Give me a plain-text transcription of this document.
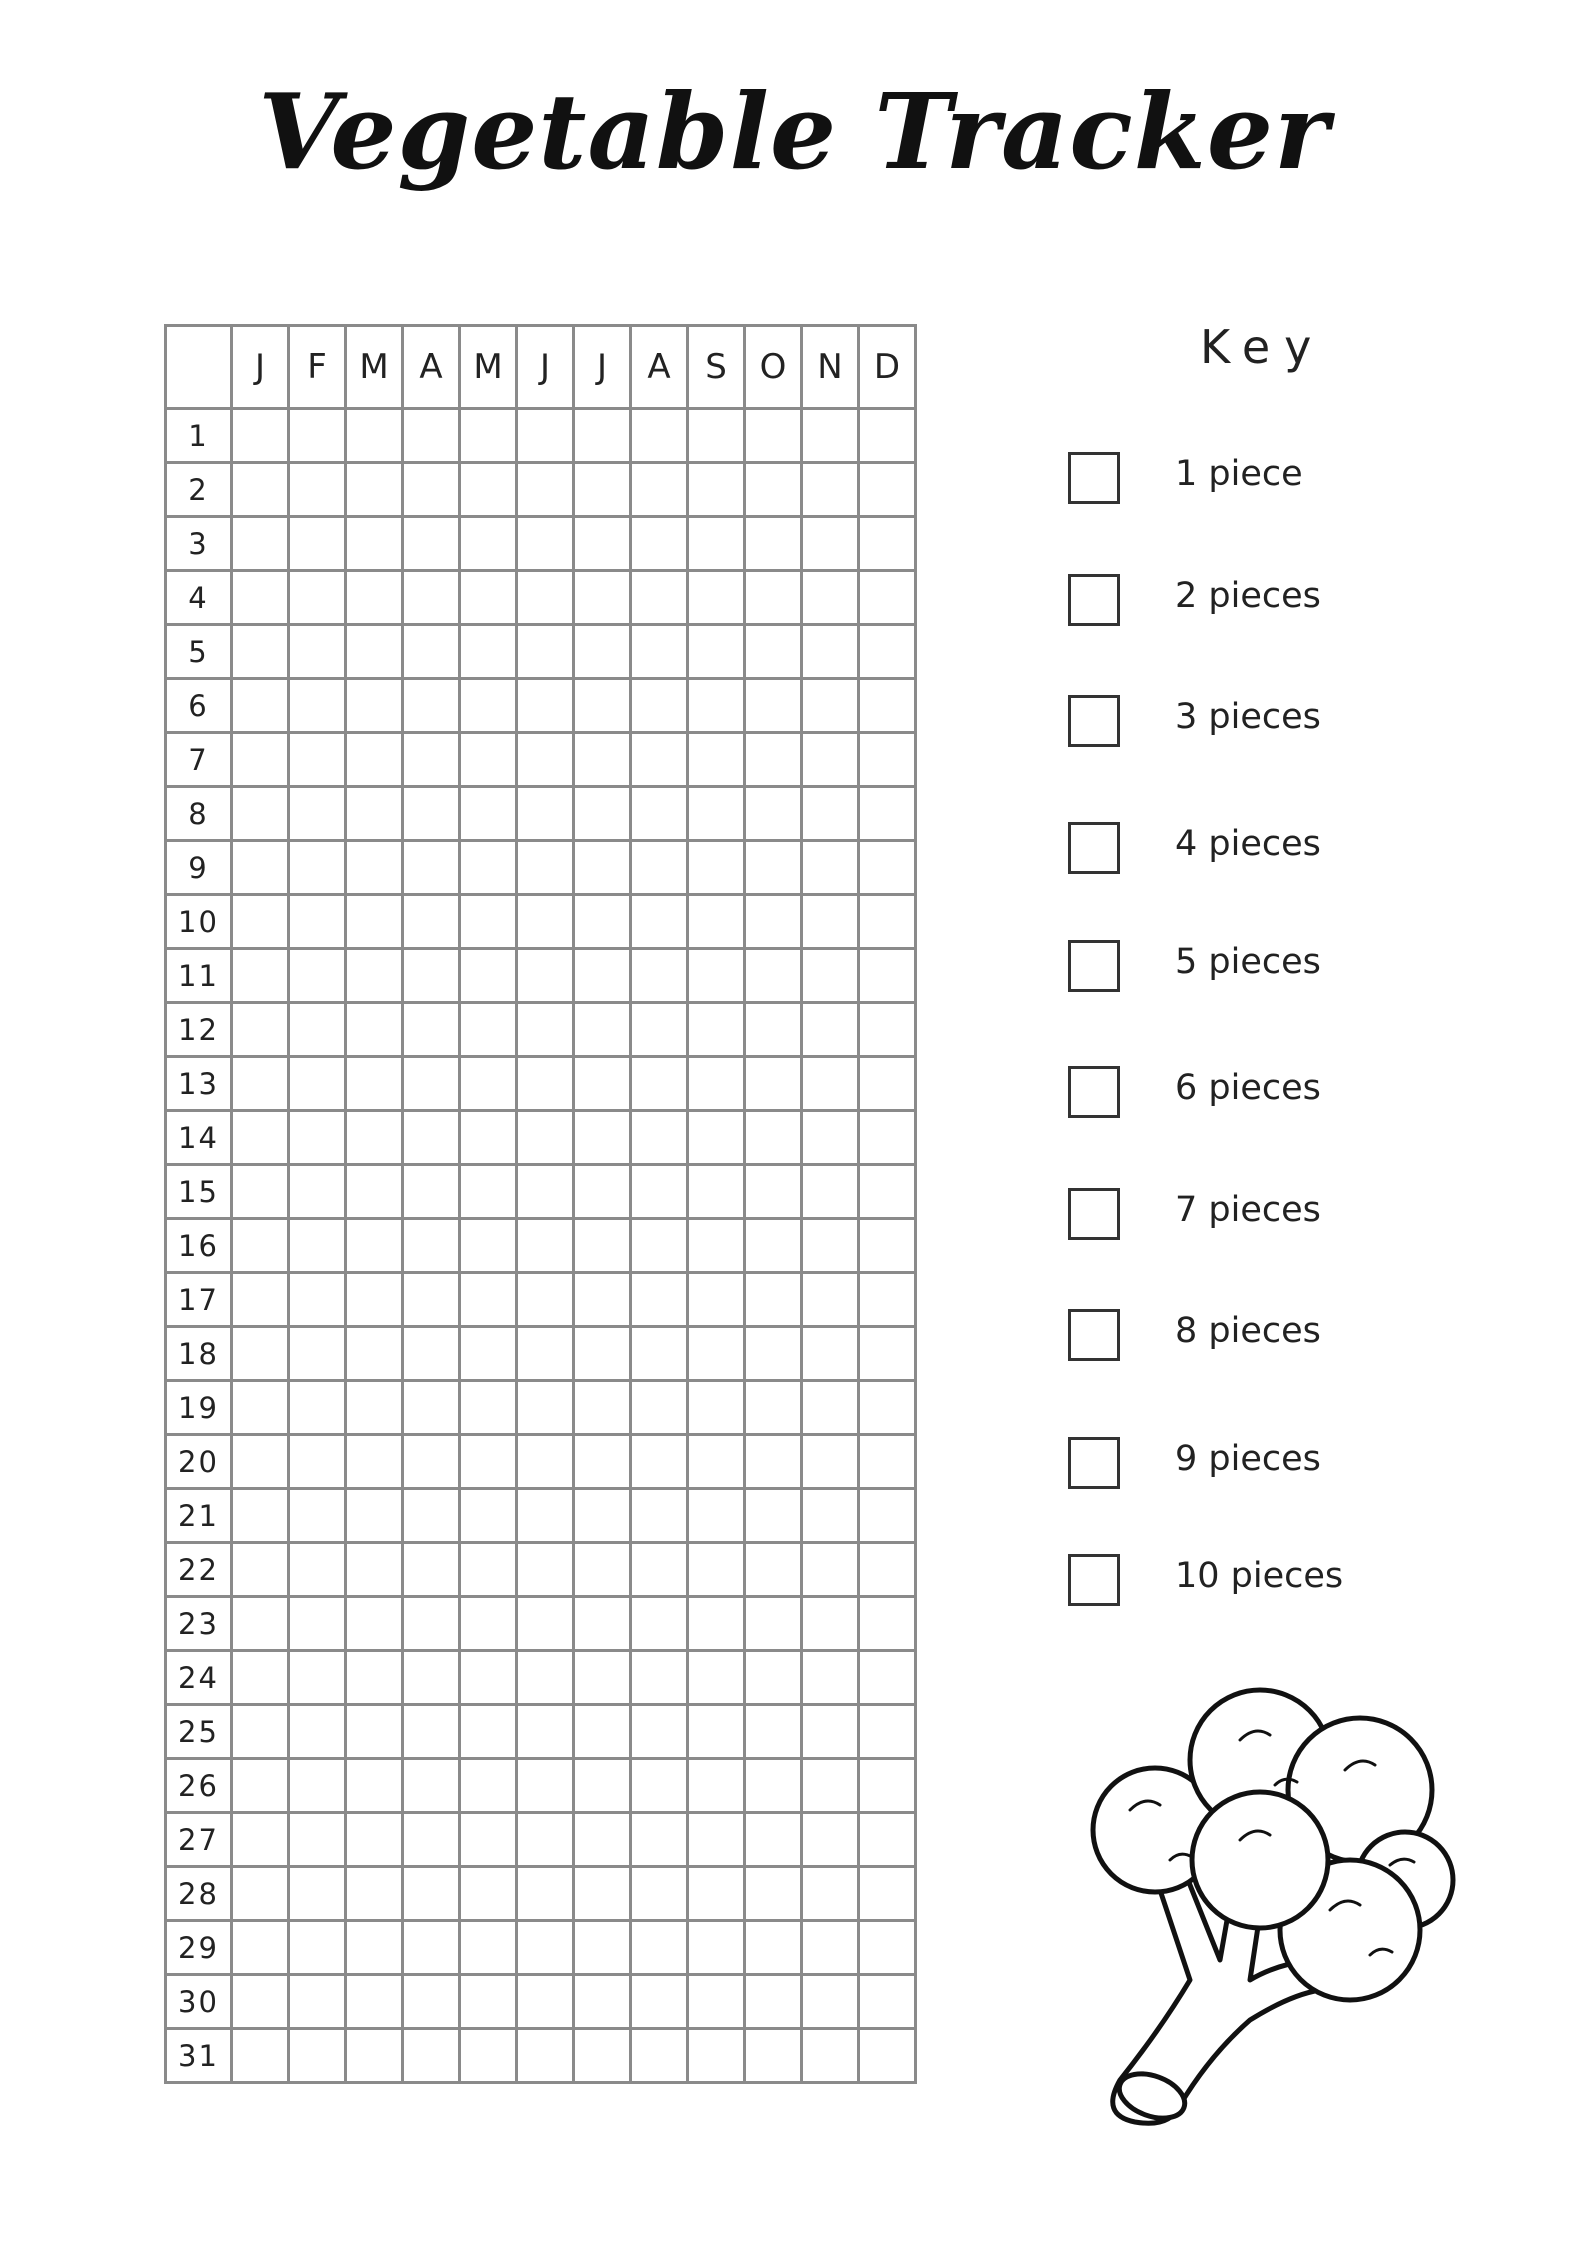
Vegetable Tracker
	J	F	M	A	M	J	J	A	S	O	N	D
1												
2												
3												
4												
5												
6												
7												
8												
9												
10												
11												
12												
13												
14												
15												
16												
17												
18												
19												
20												
21												
22												
23												
24												
25												
26												
27												
28												
29												
30												
31												
Key
1 piece
2 pieces
3 pieces
4 pieces
5 pieces
6 pieces
7 pieces
8 pieces
9 pieces
10 pieces
